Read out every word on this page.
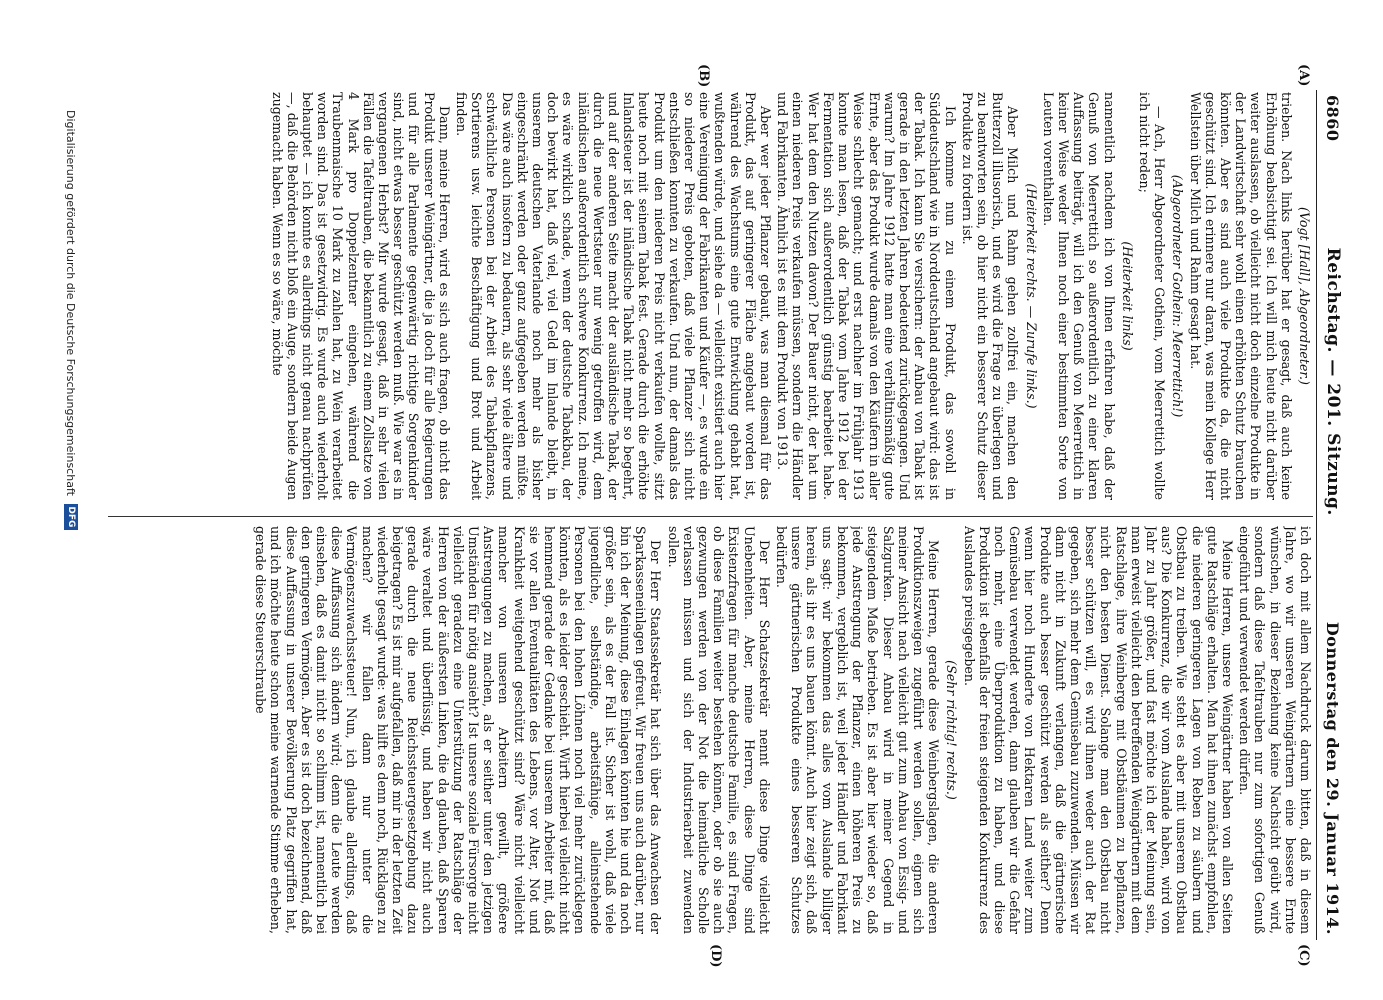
6860
Reichstag. — 201. Sitzung.
Donnerstag den 29. Januar 1914.
(A)
(B)
(C)
(D)

(Vogt [Hall], Abgeordneter.)

trieben. Nach links herüber hat er gesagt, daß auch keine Erhöhung beabsichtigt sei. Ich will mich heute nicht darüber weiter auslassen, ob vielleicht nicht doch einzelne Produkte in der Landwirtschaft sehr wohl einen erhöhten Schutz brauchen könnten. Aber es sind auch viele Produkte da, die nicht geschützt sind. Ich erinnere nur daran, was mein Kollege Herr Wellstein über Milch und Rahm gesagt hat.

(Abgeordneter Gothein: Meerrettich!)

— Ach, Herr Abgeordneter Gothein, vom Meerrettich wollte ich nicht reden;

(Heiterkeit links)

namentlich nachdem ich von Ihnen erfahren habe, daß der Genuß von Meerrettich so außerordentlich zu einer klaren Auffassung beiträgt, will ich den Genuß von Meerrettich in keiner Weise weder Ihnen noch einer bestimmten Sorte von Leuten vorenthalten.

(Heiterkeit rechts. — Zurufe links.)

Aber Milch und Rahm gehen zollfrei ein, machen den Butterzoll illusorisch, und es wird die Frage zu überlegen und zu beantworten sein, ob hier nicht ein besserer Schutz dieser Produkte zu fordern ist.

Ich komme nun zu einem Produkt, das sowohl in Süddeutschland wie in Norddeutschland angebaut wird: das ist der Tabak. Ich kann Sie versichern: der Anbau von Tabak ist gerade in den letzten Jahren bedeutend zurückgegangen. Und warum? Im Jahre 1912 hatte man eine verhältnismäßig gute Ernte, aber das Produkt wurde damals von den Käufern in aller Weise schlecht gemacht; und erst nachher im Frühjahr 1913 konnte man lesen, daß der Tabak vom Jahre 1912 bei der Fermentation sich außerordentlich günstig bearbeitet habe. Wer hat dem den Nutzen davon? Der Bauer nicht, der hat um einen niederen Preis verkaufen müssen, sondern die Händler und Fabrikanten. Ähnlich ist es mit dem Produkt von 1913.

Aber wer jeder Pflanzer gebaut, was man diesmal für das Produkt, das auf geringerer Fläche angebaut worden ist, während des Wachstums eine gute Entwicklung gehabt hat, wußtenden würde, und siehe da — vielleicht existiert auch hier eine Vereinigung der Fabrikanten und Käufer —, es wurde ein so niederer Preis geboten, daß viele Pflanzer sich nicht entschließen konnten zu verkaufen. Und nun, der damals das Produkt um den niederen Preis nicht verkaufen wollte, sitzt heute noch mit seinem Tabak fest. Gerade durch die erhöhte Inlandsteuer ist der inländische Tabak nicht mehr so begehrt, und auf der anderen Seite macht der ausländische Tabak, der durch die neue Wertsteuer nur wenig getroffen wird, dem inländischen außerordentlich schwere Konkurrenz. Ich meine, es wäre wirklich schade, wenn der deutsche Tabakbau, der doch bewirkt hat, daß viel, viel Geld im Inlande bleibt, in unserem deutschen Vaterlande noch mehr als bisher eingeschränkt werden oder ganz aufgegeben werden müßte. Das wäre auch insofern zu bedauern, als sehr viele ältere und schwächliche Personen bei der Arbeit des Tabakpflanzens, Sortierens usw. leichte Beschäftigung und Brot und Arbeit finden.

Dann, meine Herren, wird es sich auch fragen, ob nicht das Produkt unserer Weingärtner, die ja doch für alle Regierungen und für alle Parlamente gegenwärtig richtige Sorgenkinder sind, nicht etwas besser geschützt werden muß. Wie war es in vergangenen Herbst? Mir wurde gesagt, daß in sehr vielen Fällen die Tafeltrauben, die bekanntlich zu einem Zollsatze von 4 Mark pro Doppelzentner eingehen, während die Traubenmaische 10 Mark zu zahlen hat, zu Wein verarbeitet worden sind. Das ist gesetzwidrig. Es wurde auch wiederholt behauptet — ich konnte es allerdings nicht genau nachprüfen —, daß die Behörden nicht bloß ein Auge, sondern beide Augen zugemacht haben. Wenn es so wäre, möchte

ich doch mit allem Nachdruck darum bitten, daß in diesem Jahre, wo wir unseren Weingärtnern eine bessere Ernte wünschen, in dieser Beziehung keine Nachsicht geübt wird, sondern daß diese Tafeltrauben nur zum sofortigen Genuß eingeführt und verwendet werden dürfen.

Meine Herren, unsere Weingärtner haben von allen Seiten gute Ratschläge erhalten. Man hat ihnen zunächst empfohlen, die niederen geringeren Lagen von Reben zu säubern und Obstbau zu treiben. Wie steht es aber mit unserem Obstbau aus? Die Konkurrenz, die wir vom Auslande haben, wird von Jahr zu Jahr größer, und fast möchte ich der Meinung sein, man erweist vielleicht den betreffenden Weingärtnern mit dem Ratschlage, ihre Weinberge mit Obstbäumen zu bepflanzen, nicht den besten Dienst. Solange man den Obstbau nicht besser schützen will, es wird ihnen weder auch der Rat gegeben, sich mehr dem Gemüsebau zuzuwenden. Müssen wir dann nicht in Zukunft verlangen, daß die gärtnerische Produkte auch besser geschützt werden als seither? Denn wenn hier noch Hunderte von Hektaren Land weiter zum Gemüsebau verwendet werden, dann glauben wir die Gefahr noch mehr, eine Überproduktion zu haben, und diese Produktion ist ebenfalls der freien steigenden Konkurrenz des Auslandes preisgegeben.

(Sehr richtig! rechts.)

Meine Herren, gerade diese Weinbergslagen, die anderen Produktionszweigen zugeführt werden sollen, eignen sich meiner Ansicht nach vielleicht gut zum Anbau von Essig- und Salzgurken. Dieser Anbau wird in meiner Gegend in steigendem Maße betrieben. Es ist aber hier wieder so, daß jede Anstrengung der Pflanzer, einen höheren Preis zu bekommen, vergeblich ist, weil jeder Händler und Fabrikant uns sagt: wir bekommen das alles vom Auslande billiger herein, als ihr es uns bauen könnt. Auch hier zeigt sich, daß unsere gärtnerischen Produkte eines besseren Schutzes bedürfen.

Der Herr Schatzsekretär nennt diese Dinge vielleicht Unebenheiten. Aber, meine Herren, diese Dinge sind Existenzfragen für manche deutsche Familie, es sind Fragen, ob diese Familien weiter bestehen können, oder ob sie auch gezwungen werden von der Not die heimatliche Scholle verlassen müssen und sich der Industriearbeit zuwenden sollen.

Der Herr Staatssekretär hat sich über das Anwachsen der Sparkasseneinlagen gefreut. Wir freuen uns auch darüber, nur bin ich der Meinung, diese Einlagen könnten hie und da noch größer sein, als es der Fall ist. Sicher ist wohl, daß viele jugendliche, selbständige, arbeitsfähige, alleinstehende Personen bei den hohen Löhnen noch viel mehr zurücklegen könnten, als es leider geschieht. Wirft hierbei vielleicht nicht hemmend gerade der Gedanke bei unserem Arbeiter mit, daß sie vor allen Eventualitäten des Lebens, vor Alter, Not und Krankheit weitgehend geschützt sind? Wäre nicht vielleicht mancher von unseren Arbeitern gewillt, größere Anstrengungen zu machen, als er seither unter den jetzigen Umständen für nötig ansieht? Ist unsere soziale Fürsorge nicht vielleicht geradezu eine Unterstützung der Ratschläge der Herren von der äußersten Linken, die da glauben, daß Sparen wäre veraltet und überflüssig, und haben wir nicht auch gerade durch die neue Reichssteuergesetzgebung dazu beigetragen? Es ist mir aufgefallen, daß mir in der letzten Zeit wiederholt gesagt wurde: was hilft es denn noch, Rücklagen zu machen? wir fallen dann nur unter die Vermögenszuwachssteuer! Nun, ich glaube allerdings, daß diese Auffassung sich ändern wird; denn die Leute werden einsehen, daß es damit nicht so schlimm ist, namentlich bei den geringeren Vermögen. Aber es ist doch bezeichnend, daß diese Auffassung in unserer Bevölkerung Platz gegriffen hat, und ich möchte heute schon meine warnende Stimme erheben, gerade diese Steuerschraube

Digitalisierung gefördert durch die Deutsche Forschungsgemeinschaft
DFG
